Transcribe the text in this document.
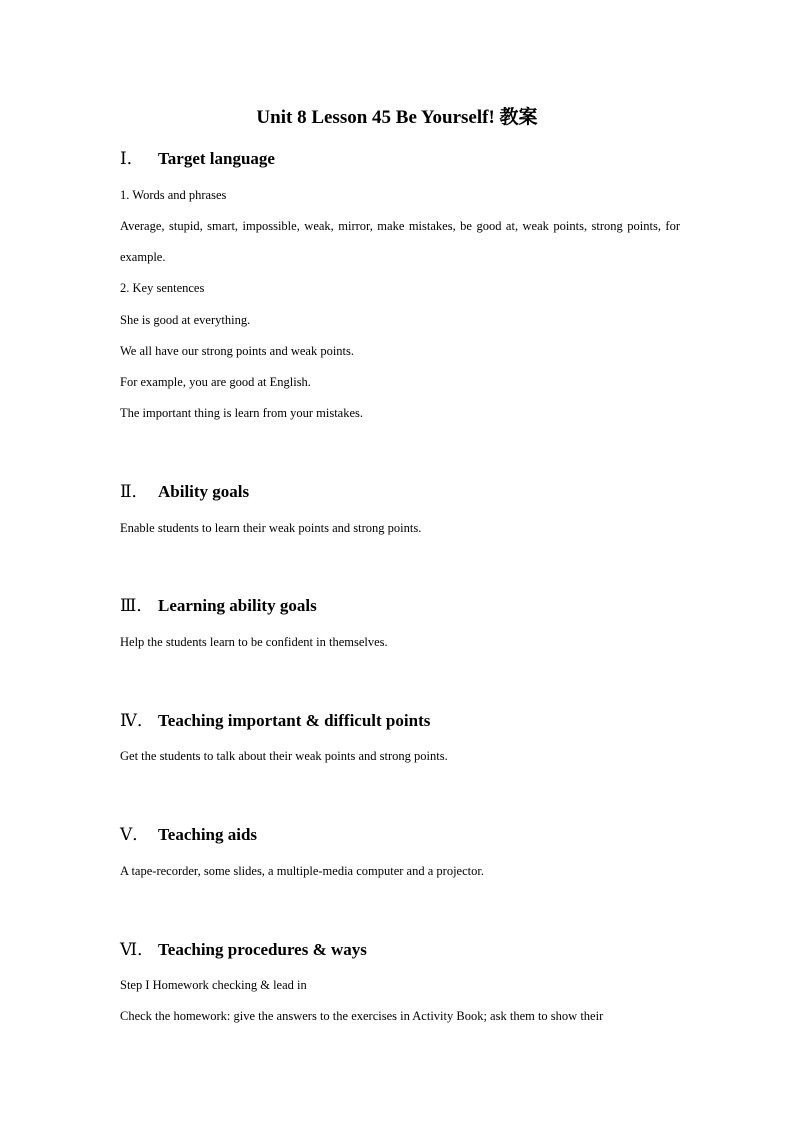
Unit 8 Lesson 45 Be Yourself! 教案
Ⅰ． Target language
1. Words and phrases
Average, stupid, smart, impossible, weak, mirror, make mistakes, be good at, weak points, strong points, for example.
2. Key sentences
She is good at everything.
We all have our strong points and weak points.
For example, you are good at English.
The important thing is learn from your mistakes.
Ⅱ． Ability goals
Enable students to learn their weak points and strong points.
Ⅲ． Learning ability goals
Help the students learn to be confident in themselves.
Ⅳ． Teaching important & difficult points
Get the students to talk about their weak points and strong points.
Ⅴ． Teaching aids
A tape-recorder, some slides, a multiple-media computer and a projector.
Ⅵ． Teaching procedures & ways
Step I Homework checking & lead in
Check the homework: give the answers to the exercises in Activity Book; ask them to show their
